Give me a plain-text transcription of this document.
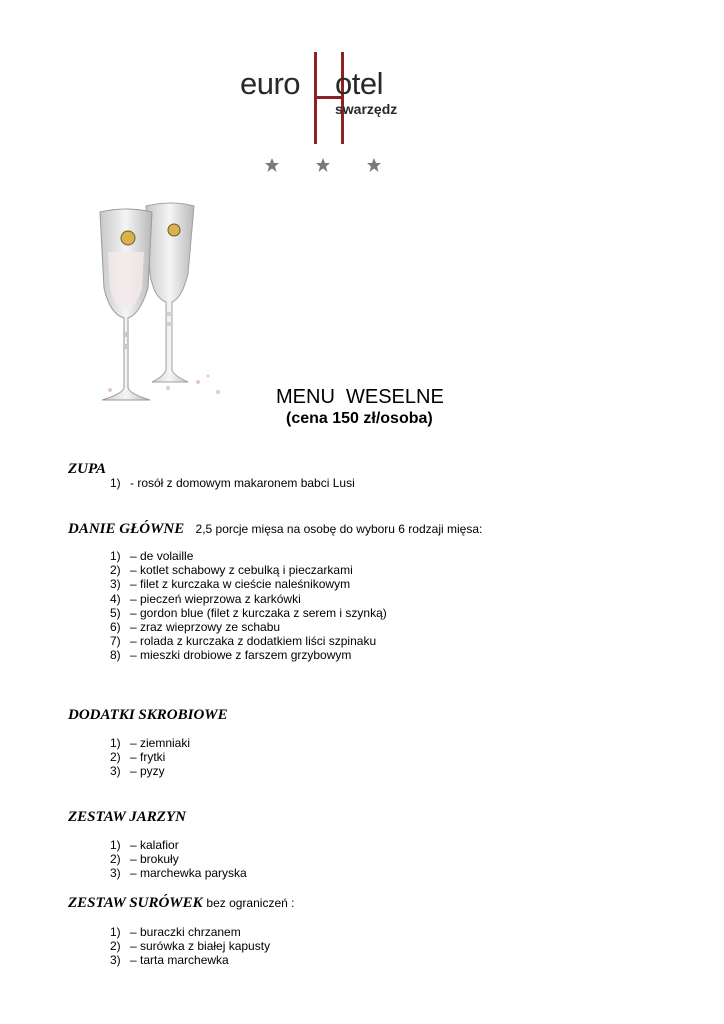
euro otel
swarzędz
MENU  WESELNE
(cena 150 zł/osoba)
ZUPA
1) - rosół z domowym makaronem babci Lusi
DANIE GŁÓWNE 2,5 porcje mięsa na osobę do wyboru 6 rodzaji mięsa:
1) – de volaille
2) – kotlet schabowy z cebulką i pieczarkami
3) – filet z kurczaka w cieście naleśnikowym
4) – pieczeń wieprzowa z karkówki
5) – gordon blue (filet z kurczaka z serem i szynką)
6) – zraz wieprzowy ze schabu
7) – rolada z kurczaka z dodatkiem liści szpinaku
8) – mieszki drobiowe z farszem grzybowym
DODATKI SKROBIOWE
1) – ziemniaki
2) – frytki
3) – pyzy
ZESTAW JARZYN
1) – kalafior
2) – brokuły
3) – marchewka paryska
ZESTAW SURÓWEK bez ograniczeń :
1) – buraczki chrzanem
2) – surówka z białej kapusty
3) – tarta marchewka
